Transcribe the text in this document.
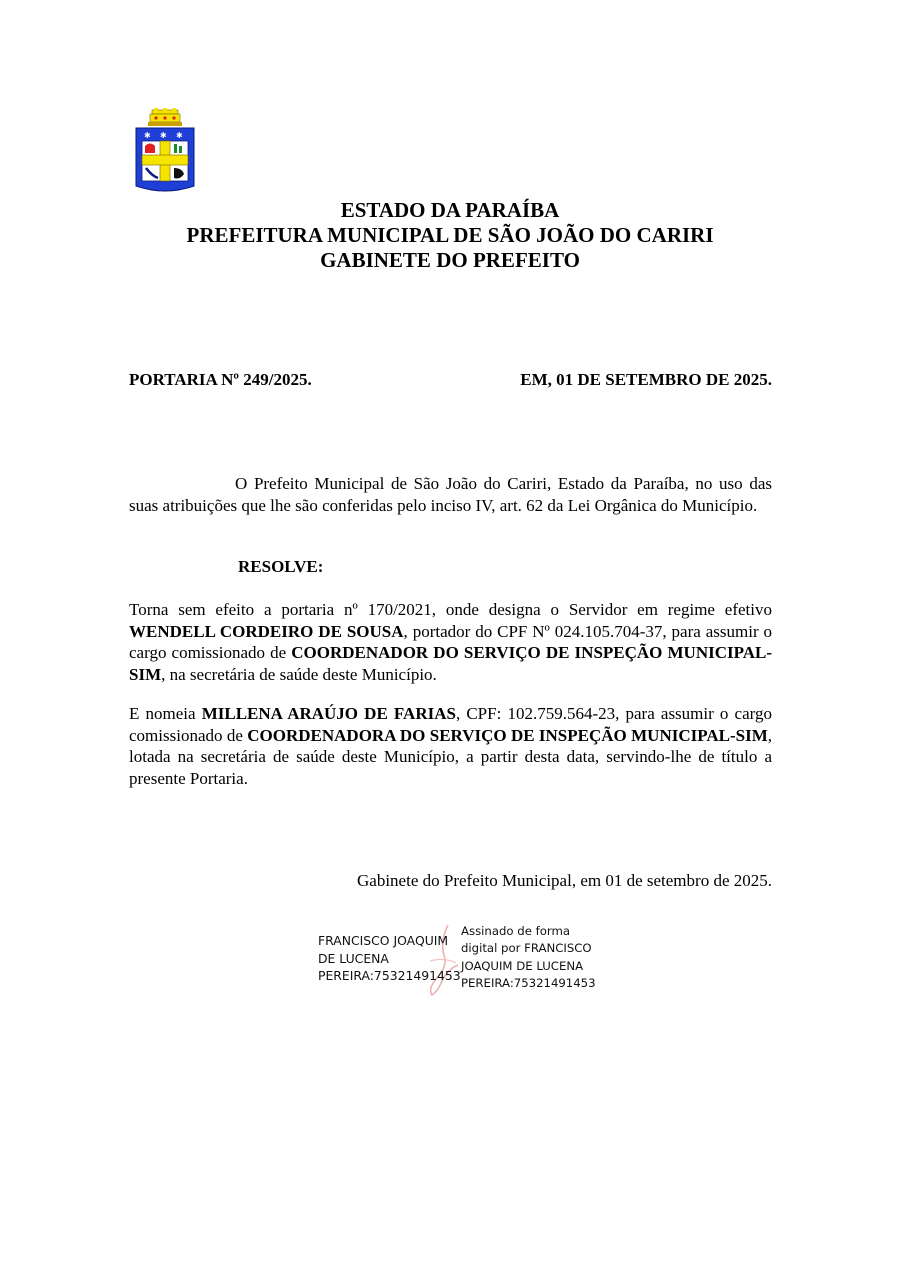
✱ ✱ ✱
ESTADO DA PARAÍBA
PREFEITURA MUNICIPAL DE SÃO JOÃO DO CARIRI
GABINETE DO PREFEITO
PORTARIA Nº 249/2025.	EM, 01 DE SETEMBRO DE 2025.
O Prefeito Municipal de São João do Cariri, Estado da Paraíba, no uso das suas atribuições que lhe são conferidas pelo inciso IV, art. 62 da Lei Orgânica do Município.
RESOLVE:
Torna sem efeito a portaria nº 170/2021, onde designa o Servidor em regime efetivo WENDELL CORDEIRO DE SOUSA, portador do CPF Nº 024.105.704-37, para assumir o cargo comissionado de COORDENADOR DO SERVIÇO DE INSPEÇÃO MUNICIPAL-SIM, na secretária de saúde deste Município.
E nomeia MILLENA ARAÚJO DE FARIAS, CPF: 102.759.564-23, para assumir o cargo comissionado de COORDENADORA DO SERVIÇO DE INSPEÇÃO MUNICIPAL-SIM, lotada na secretária de saúde deste Município, a partir desta data, servindo-lhe de título a presente Portaria.
Gabinete do Prefeito Municipal, em 01 de setembro de 2025.
FRANCISCO JOAQUIM
DE LUCENA
PEREIRA:75321491453
Assinado de forma
digital por FRANCISCO
JOAQUIM DE LUCENA
PEREIRA:75321491453
